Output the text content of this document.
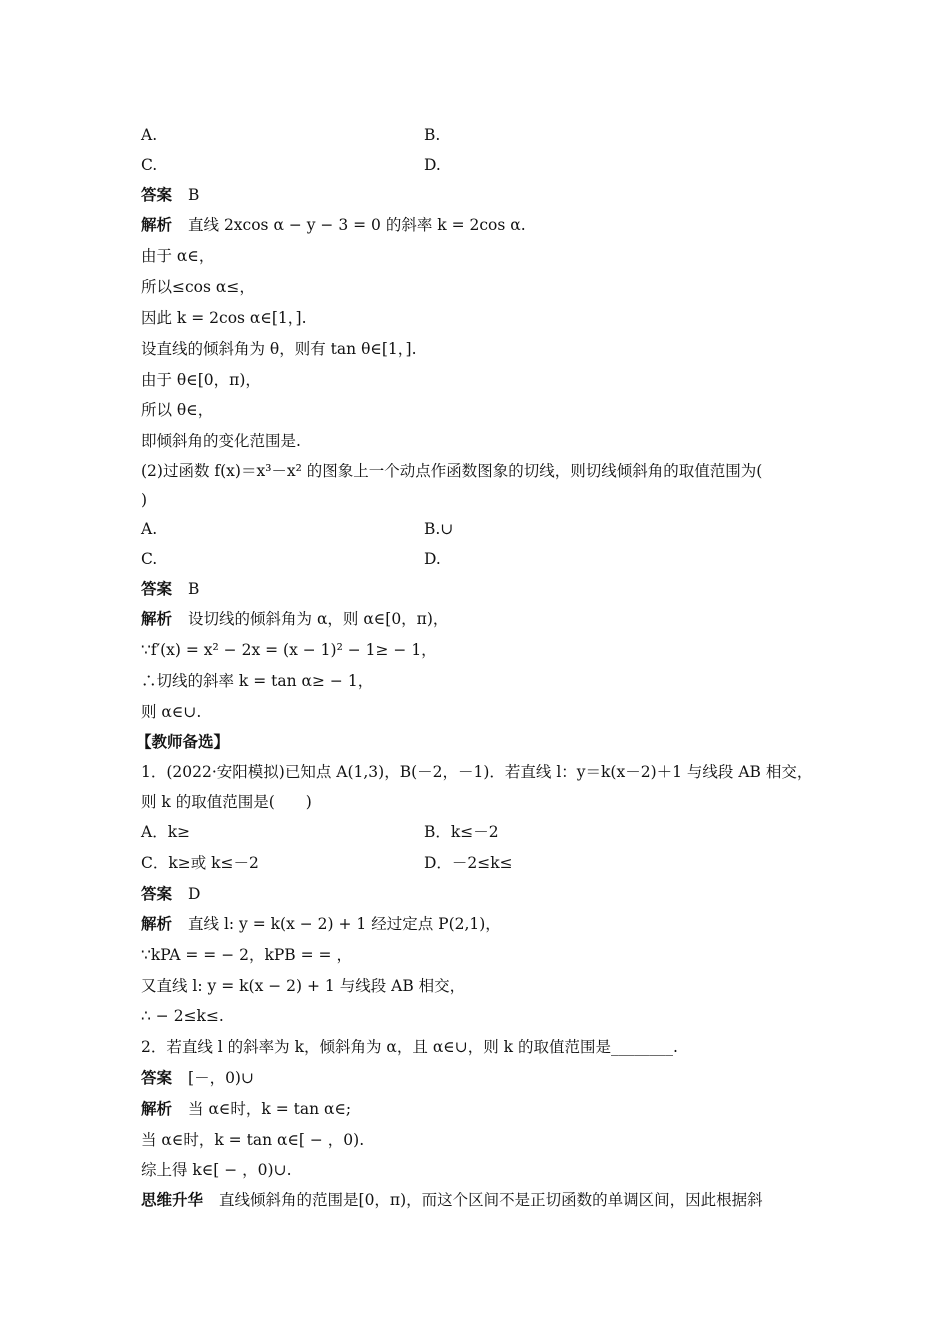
A.	B.
C.	D.
答案 B
解析 直线 2xcos α − y − 3 = 0 的斜率 k = 2cos α.
由于 α∈，
所以≤cos α≤，
因此 k = 2cos α∈[1，].
设直线的倾斜角为 θ，则有 tan θ∈[1，].
由于 θ∈[0，π)，
所以 θ∈，
即倾斜角的变化范围是.
(2)过函数 f(x)＝x³－x² 的图象上一个动点作函数图象的切线，则切线倾斜角的取值范围为(
)
A.	B.∪
C.	D.
答案 B
解析 设切线的倾斜角为 α，则 α∈[0，π)，
∵f′(x) = x² − 2x = (x − 1)² − 1≥ − 1，
∴切线的斜率 k = tan α≥ − 1，
则 α∈∪.
【教师备选】
1．(2022·安阳模拟)已知点 A(1,3)，B(－2，－1)．若直线 l：y＝k(x－2)＋1 与线段 AB 相交，
则 k 的取值范围是(　　)
A．k≥	B．k≤－2
C．k≥或 k≤－2	D．－2≤k≤
答案 D
解析 直线 l: y = k(x − 2) + 1 经过定点 P(2,1)，
∵kPA = = − 2，kPB = = ，
又直线 l: y = k(x − 2) + 1 与线段 AB 相交，
∴ − 2≤k≤.
2．若直线 l 的斜率为 k，倾斜角为 α，且 α∈∪，则 k 的取值范围是________.
答案 [－，0)∪
解析 当 α∈时，k = tan α∈;
当 α∈时，k = tan α∈[ − ，0).
综上得 k∈[ − ，0)∪.
思维升华 直线倾斜角的范围是[0，π)，而这个区间不是正切函数的单调区间，因此根据斜
